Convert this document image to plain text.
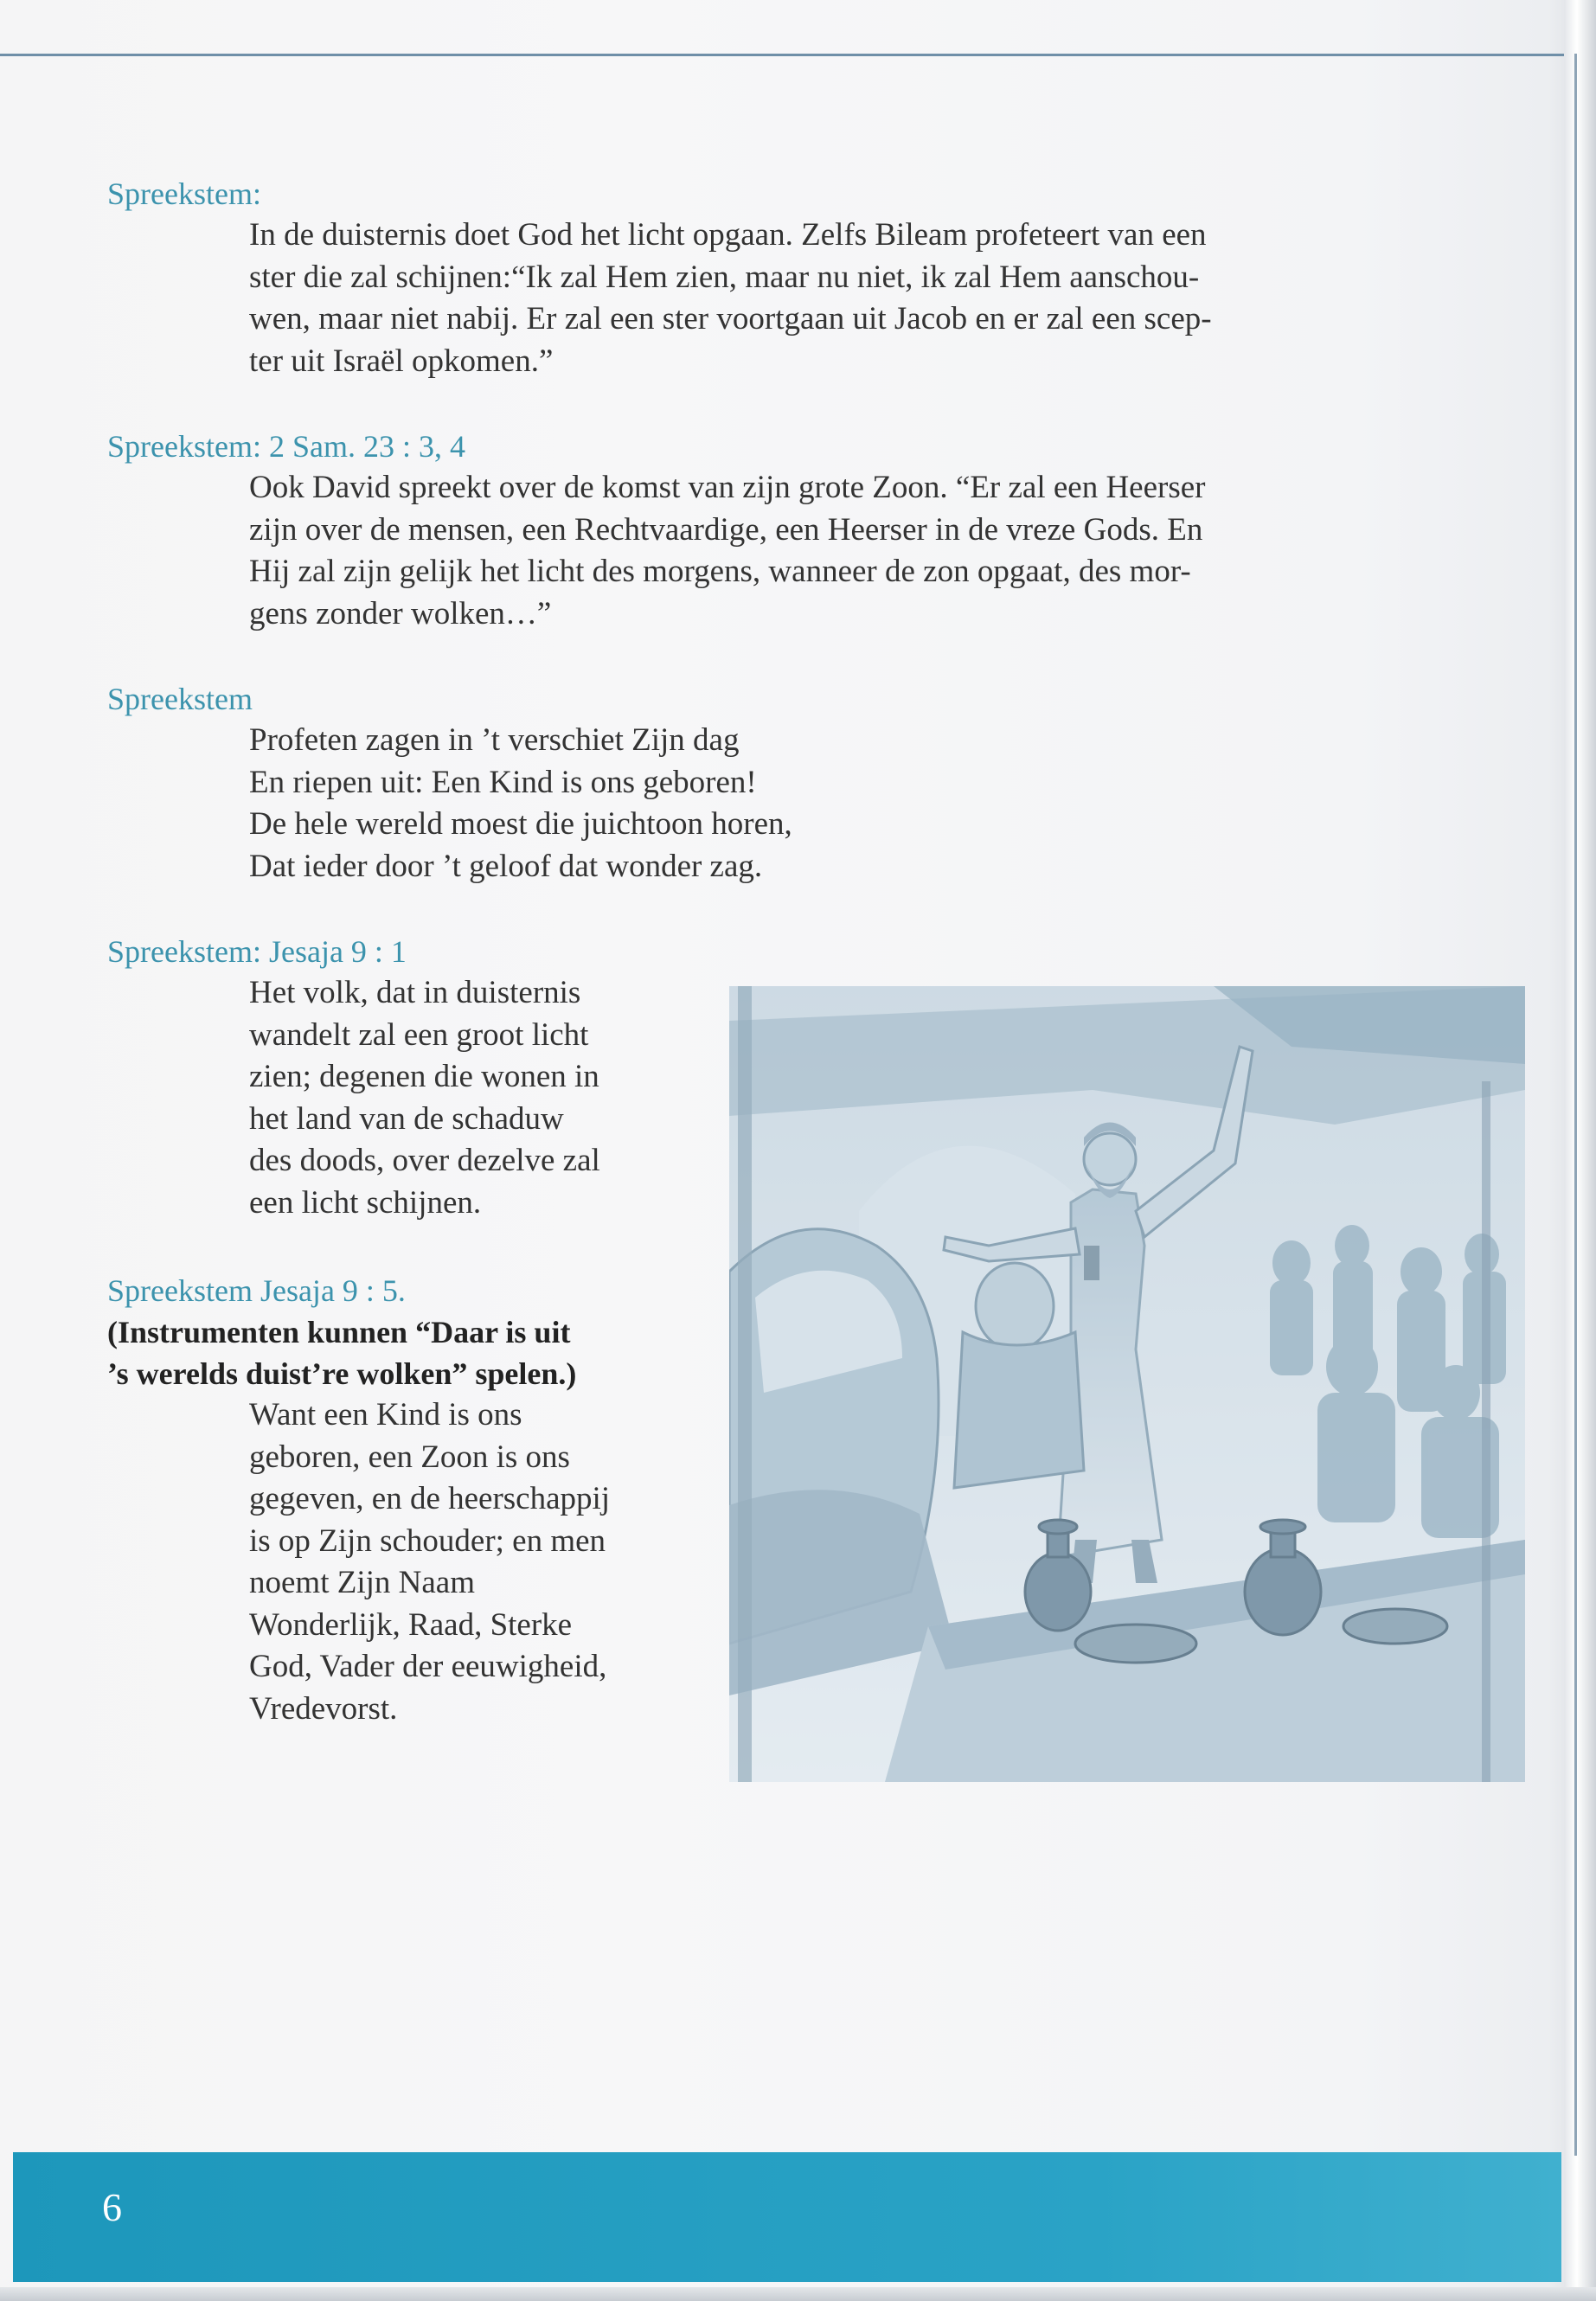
Spreekstem:
In de duisternis doet God het licht opgaan. Zelfs Bileam profeteert van een
ster die zal schijnen:“Ik zal Hem zien, maar nu niet, ik zal Hem aanschou-
wen, maar niet nabij. Er zal een ster voortgaan uit Jacob en er zal een scep-
ter uit Israël opkomen.”
Spreekstem: 2 Sam. 23 : 3, 4
Ook David spreekt over de komst van zijn grote Zoon. “Er zal een Heerser
zijn over de mensen, een Rechtvaardige, een Heerser in de vreze Gods. En
Hij zal zijn gelijk het licht des morgens, wanneer de zon opgaat, des mor-
gens zonder wolken…”
Spreekstem
Profeten zagen in ’t verschiet Zijn dag
En riepen uit: Een Kind is ons geboren!
De hele wereld moest die juichtoon horen,
Dat ieder door ’t geloof dat wonder zag.
Spreekstem: Jesaja 9 : 1
Het volk, dat in duisternis
wandelt zal een groot licht
zien; degenen die wonen in
het land van de schaduw
des doods, over dezelve zal
een licht schijnen.
Spreekstem Jesaja 9 : 5.
(Instrumenten kunnen “Daar is uit
’s werelds duist’re wolken” spelen.)
Want een Kind is ons
geboren, een Zoon is ons
gegeven, en de heerschappij
is op Zijn schouder; en men
noemt Zijn Naam
Wonderlijk, Raad, Sterke
God, Vader der eeuwigheid,
Vredevorst.
6
